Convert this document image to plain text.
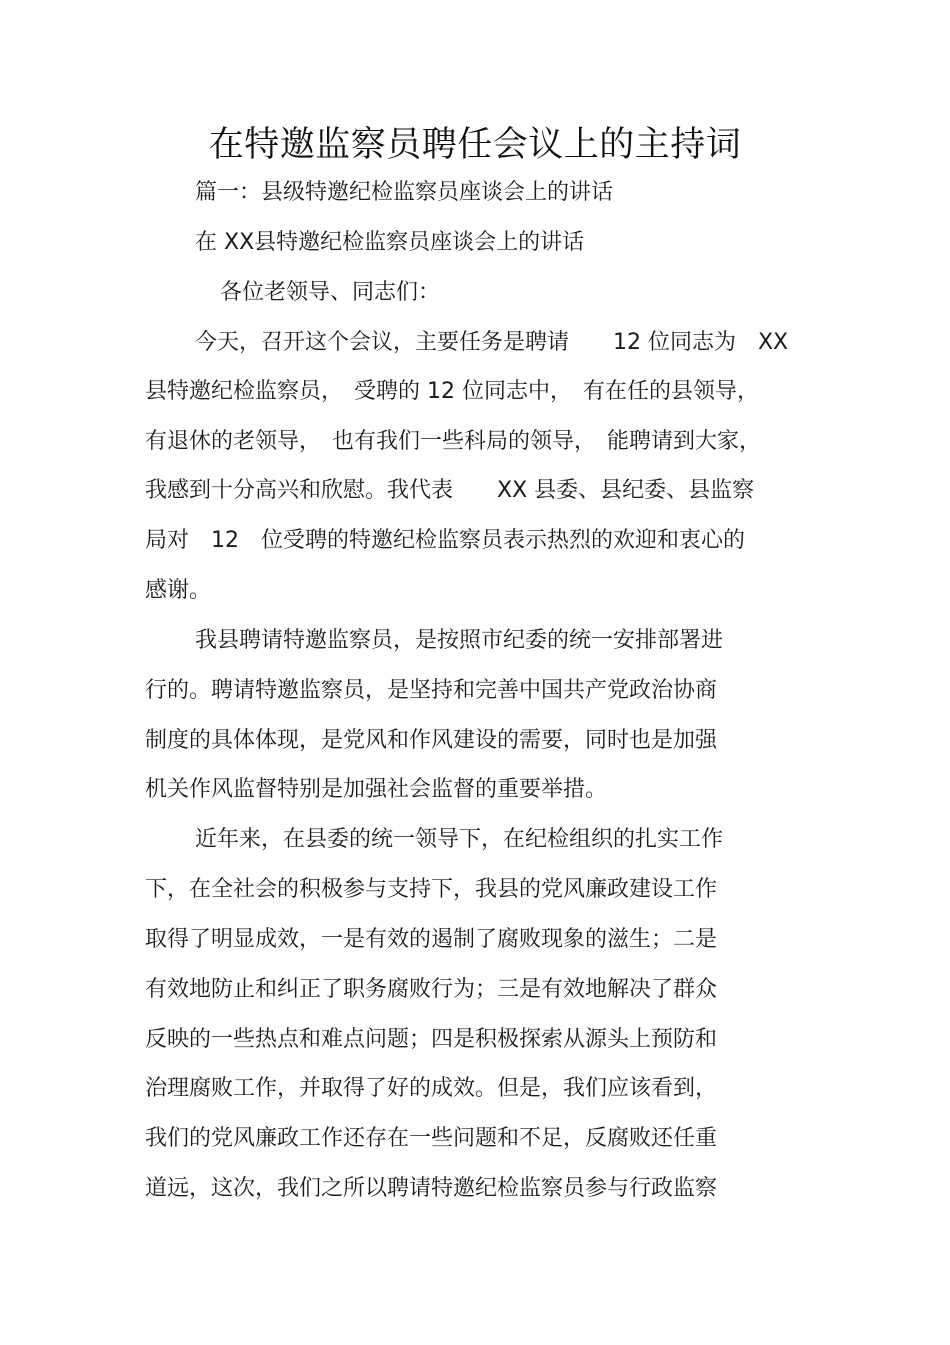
在特邀监察员聘任会议上的主持词
篇一：县级特邀纪检监察员座谈会上的讲话
在 XX县特邀纪检监察员座谈会上的讲话
各位老领导、同志们：
今天，召开这个会议，主要任务是聘请　　12 位同志为　XX
县特邀纪检监察员，　受聘的 12 位同志中，　有在任的县领导，
有退休的老领导，　也有我们一些科局的领导，　能聘请到大家，
我感到十分高兴和欣慰。我代表　　XX 县委、县纪委、县监察
局对　12　位受聘的特邀纪检监察员表示热烈的欢迎和衷心的
感谢。
我县聘请特邀监察员，是按照市纪委的统一安排部署进
行的。聘请特邀监察员，是坚持和完善中国共产党政治协商
制度的具体体现，是党风和作风建设的需要，同时也是加强
机关作风监督特别是加强社会监督的重要举措。
近年来，在县委的统一领导下，在纪检组织的扎实工作
下，在全社会的积极参与支持下，我县的党风廉政建设工作
取得了明显成效，一是有效的遏制了腐败现象的滋生；二是
有效地防止和纠正了职务腐败行为；三是有效地解决了群众
反映的一些热点和难点问题；四是积极探索从源头上预防和
治理腐败工作，并取得了好的成效。但是，我们应该看到，
我们的党风廉政工作还存在一些问题和不足，反腐败还任重
道远，这次，我们之所以聘请特邀纪检监察员参与行政监察
